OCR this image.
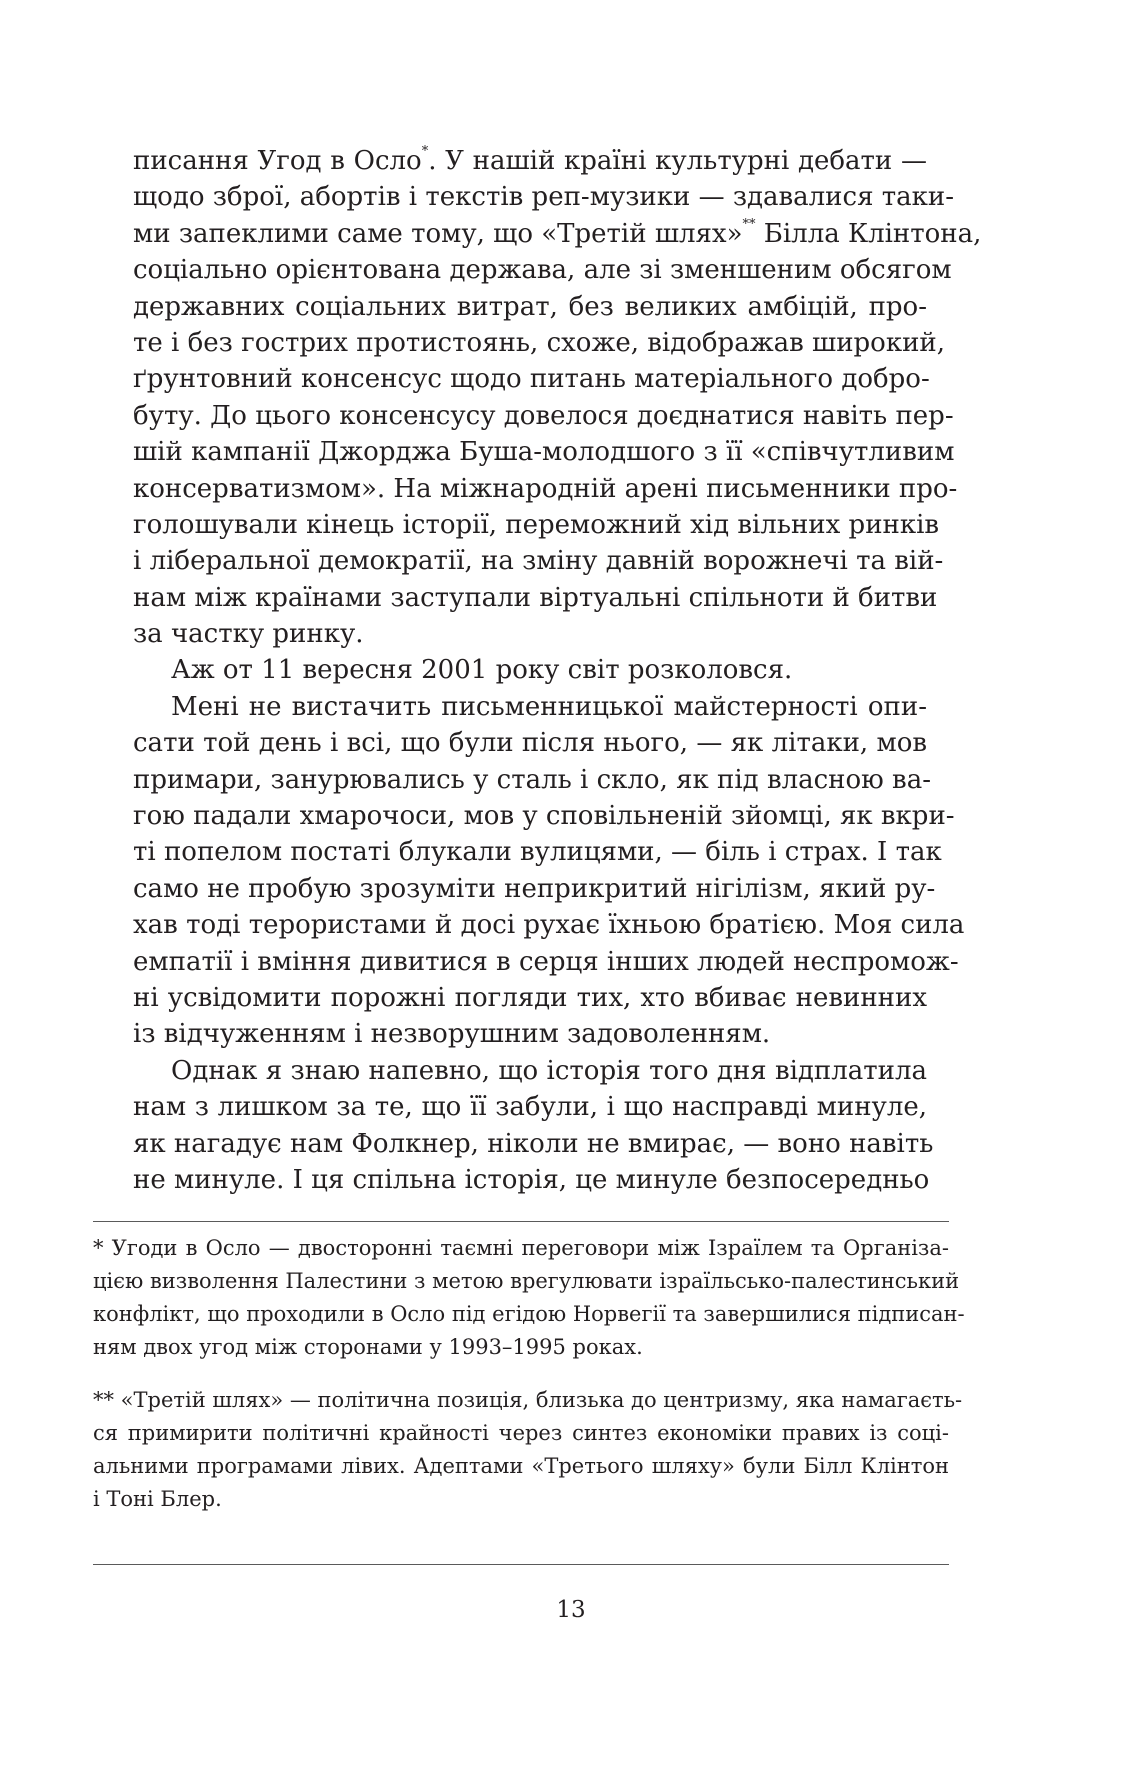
писання Угод в Осло*. У нашій країні культурні дебати —
щодо зброї, абортів і текстів реп-музики — здавалися таки-
ми запеклими саме тому, що «Третій шлях»** Білла Клінтона,
соціально орієнтована держава, але зі зменшеним обсягом
державних соціальних витрат, без великих амбіцій, про-
те і без гострих протистоянь, схоже, відображав широкий,
ґрунтовний консенсус щодо питань матеріального добро-
буту. До цього консенсусу довелося доєднатися навіть пер-
шій кампанії Джорджа Буша-молодшого з її «співчутливим
консерватизмом». На міжнародній арені письменники про-
голошували кінець історії, переможний хід вільних ринків
і ліберальної демократії, на зміну давній ворожнечі та вій-
нам між країнами заступали віртуальні спільноти й битви
за частку ринку.
Аж от 11 вересня 2001 року світ розколовся.
Мені не вистачить письменницької майстерності опи-
сати той день і всі, що були після нього, — як літаки, мов
примари, занурювались у сталь і скло, як під власною ва-
гою падали хмарочоси, мов у сповільненій зйомці, як вкри-
ті попелом постаті блукали вулицями, — біль і страх. І так
само не пробую зрозуміти неприкритий нігілізм, який ру-
хав тоді терористами й досі рухає їхньою братією. Моя сила
емпатії і вміння дивитися в серця інших людей неспромож-
ні усвідомити порожні погляди тих, хто вбиває невинних
із відчуженням і незворушним задоволенням.
Однак я знаю напевно, що історія того дня відплатила
нам з лишком за те, що її забули, і що насправді минуле,
як нагадує нам Фолкнер, ніколи не вмирає, — воно навіть
не минуле. І ця спільна історія, це минуле безпосередньо
* Угоди в Осло — двосторонні таємні переговори між Ізраїлем та Організа-
цією визволення Палестини з метою врегулювати ізраїльсько-палестинський
конфлікт, що проходили в Осло під егідою Норвегії та завершилися підписан-
ням двох угод між сторонами у 1993–1995 роках.
** «Третій шлях» — політична позиція, близька до центризму, яка намагаєть-
ся примирити політичні крайності через синтез економіки правих із соці-
альними програмами лівих. Адептами «Третього шляху» були Білл Клінтон
і Тоні Блер.
13
